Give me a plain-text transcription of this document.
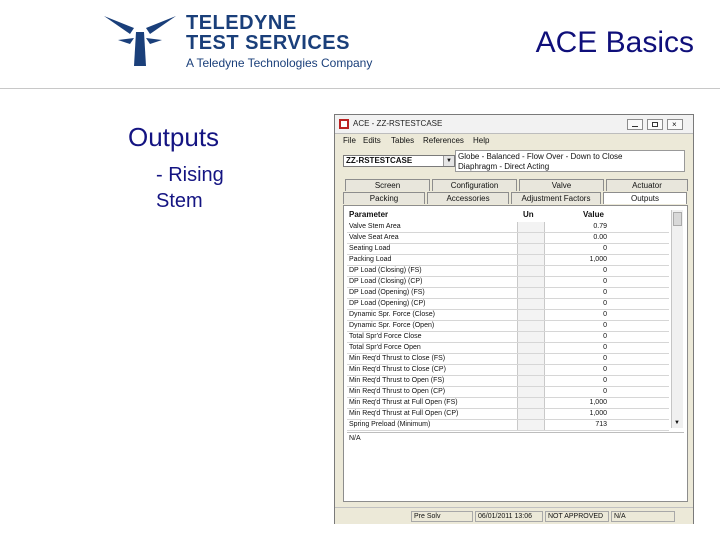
TELEDYNE
TEST SERVICES
A Teledyne Technologies Company
ACE Basics
Outputs
- Rising
Stem
ACE - ZZ-RSTESTCASE	×
File Edits Tables References Help
ZZ-RSTESTCASE	▼ Globe - Balanced - Flow Over - Down to Close
Diaphragm - Direct Acting
Screen	Configuration	Valve	Actuator
Packing	Accessories	Adjustment Factors	Outputs
Parameter	Un	Value
Valve Stem Area	0.79
Valve Seat Area	0.00
Seating Load	0
Packing Load	1,000
DP Load (Closing) (FS)	0
DP Load (Closing) (CP)	0
DP Load (Opening) (FS)	0
DP Load (Opening) (CP)	0
Dynamic Spr. Force (Close)	0
Dynamic Spr. Force (Open)	0
Total Spr'd Force Close	0
Total Spr'd Force Open	0
Min Req'd Thrust to Close (FS)	0
Min Req'd Thrust to Close (CP)	0
Min Req'd Thrust to Open (FS)	0
Min Req'd Thrust to Open (CP)	0
Min Req'd Thrust at Full Open (FS)	1,000
Min Req'd Thrust at Full Open (CP)	1,000
Spring Preload (Minimum)	713	▼
N/A
Pre Solv	06/01/2011 13:06	NOT APPROVED	N/A
